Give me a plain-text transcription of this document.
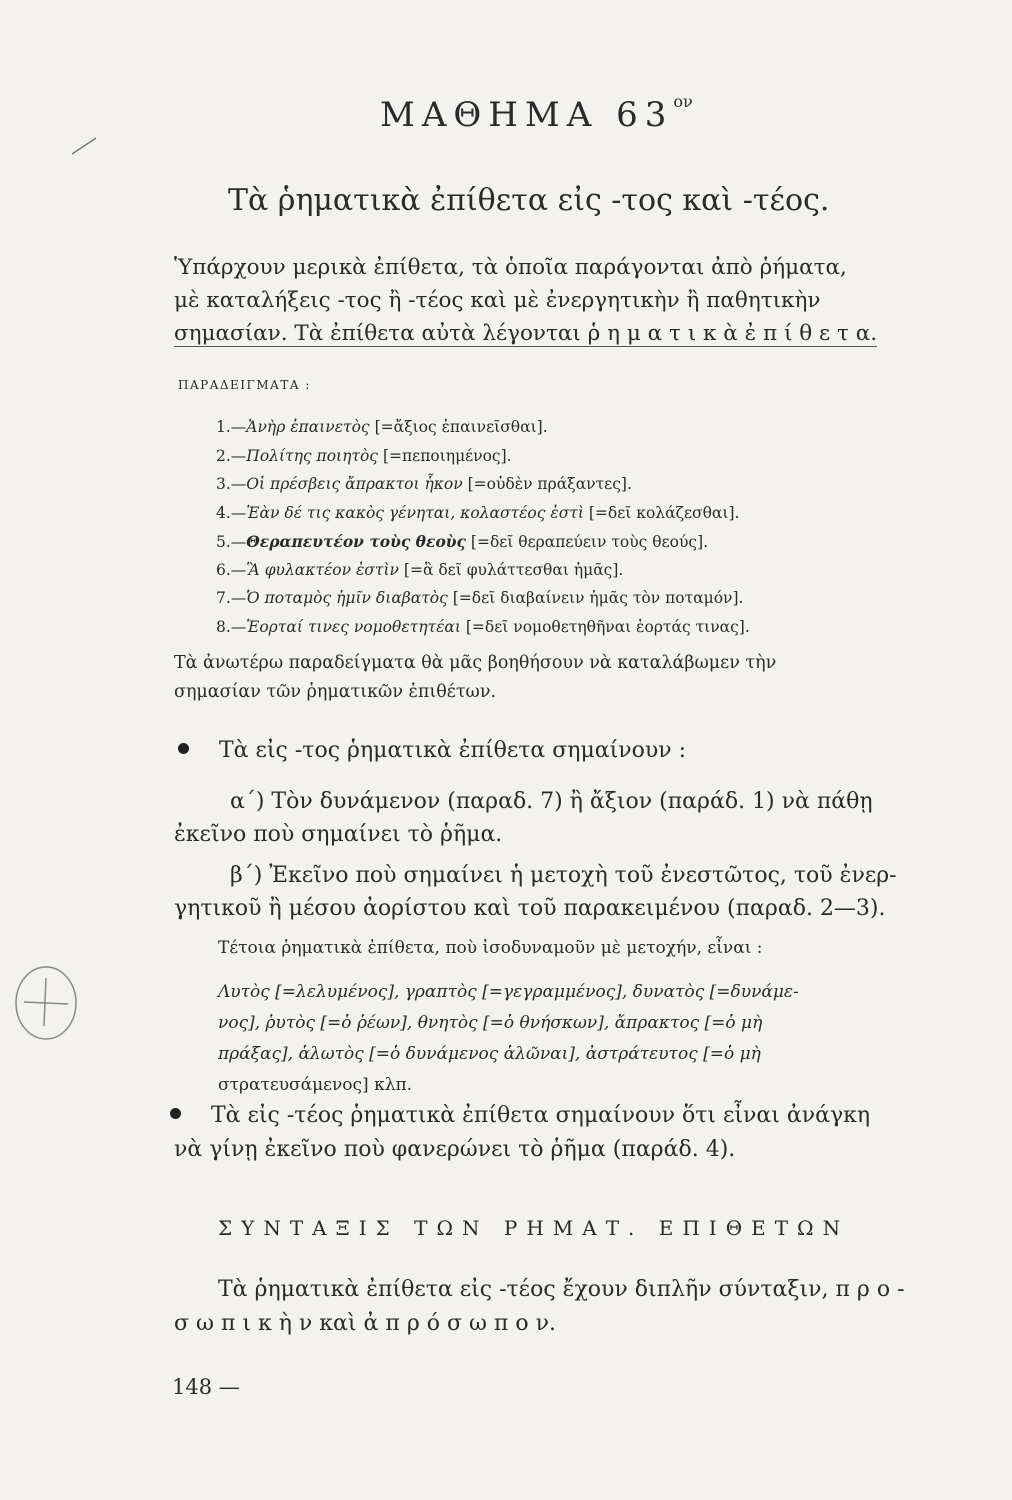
ΜΑΘΗΜΑ $63^{o\nu}$
Τὰ ῥηματικὰ ἐπίθετα εἰς -τος καὶ -τέος.
Ὑπάρχουν μερικὰ ἐπίθετα, τὰ ὁποῖα παράγονται ἀπὸ ῥήματα,
μὲ καταλήξεις -τος ἢ -τέος καὶ μὲ ἐνεργητικὴν ἢ παθητικὴν
σημασίαν. Τὰ ἐπίθετα αὐτὰ λέγονται ῥ η μ α τ ι κ ὰ ἐ π ί θ ε τ α.
ΠΑΡΑΔΕΙΓΜΑΤΑ :
1.—Ἀνὴρ ἐπαινετὸς [=ἄξιος ἐπαινεῖσθαι].
2.—Πολίτης ποιητὸς [=πεποιημένος].
3.—Οἱ πρέσβεις ἄπρακτοι ἧκον [=οὐδὲν πράξαντες].
4.—Ἐὰν δέ τις κακὸς γένηται, κολαστέος ἐστὶ [=δεῖ κολάζεσθαι].
5.—Θεραπευτέον τοὺς θεοὺς [=δεῖ θεραπεύειν τοὺς θεούς].
6.—Ἃ φυλακτέον ἐστὶν [=ἃ δεῖ φυλάττεσθαι ἡμᾶς].
7.—Ὁ ποταμὸς ἡμῖν διαβατὸς [=δεῖ διαβαίνειν ἡμᾶς τὸν ποταμόν].
8.—Ἑορταί τινες νομοθετητέαι [=δεῖ νομοθετηθῆναι ἑορτάς τινας].
Τὰ ἀνωτέρω παραδείγματα θὰ μᾶς βοηθήσουν νὰ καταλάβωμεν τὴν
σημασίαν τῶν ῥηματικῶν ἐπιθέτων.
Τὰ εἰς -τος ῥηματικὰ ἐπίθετα σημαίνουν :
α΄) Τὸν δυνάμενον (παραδ. 7) ἢ ἄξιον (παράδ. 1) νὰ πάθῃ
ἐκεῖνο ποὺ σημαίνει τὸ ῥῆμα.
β΄) Ἐκεῖνο ποὺ σημαίνει ἡ μετοχὴ τοῦ ἐνεστῶτος, τοῦ ἐνερ-
γητικοῦ ἢ μέσου ἀορίστου καὶ τοῦ παρακειμένου (παραδ. 2—3).
Τέτοια ῥηματικὰ ἐπίθετα, ποὺ ἰσοδυναμοῦν μὲ μετοχήν, εἶναι :
Λυτὸς [=λελυμένος], γραπτὸς [=γεγραμμένος], δυνατὸς [=δυνάμε-
νος], ῥυτὸς [=ὁ ῥέων], θνητὸς [=ὁ θνήσκων], ἄπρακτος [=ὁ μὴ
πράξας], ἁλωτὸς [=ὁ δυνάμενος ἁλῶναι], ἀστράτευτος [=ὁ μὴ
στρατευσάμενος] κλπ.
Τὰ εἰς -τέος ῥηματικὰ ἐπίθετα σημαίνουν ὅτι εἶναι ἀνάγκη
νὰ γίνῃ ἐκεῖνο ποὺ φανερώνει τὸ ῥῆμα (παράδ. 4).
ΣΥΝΤΑΞΙΣ ΤΩΝ ΡΗΜΑΤ. ΕΠΙΘΕΤΩΝ
Τὰ ῥηματικὰ ἐπίθετα εἰς -τέος ἔχουν διπλῆν σύνταξιν, π ρ ο -
σ ω π ι κ ὴ ν καὶ ἀ π ρ ό σ ω π ο ν.
148 —
